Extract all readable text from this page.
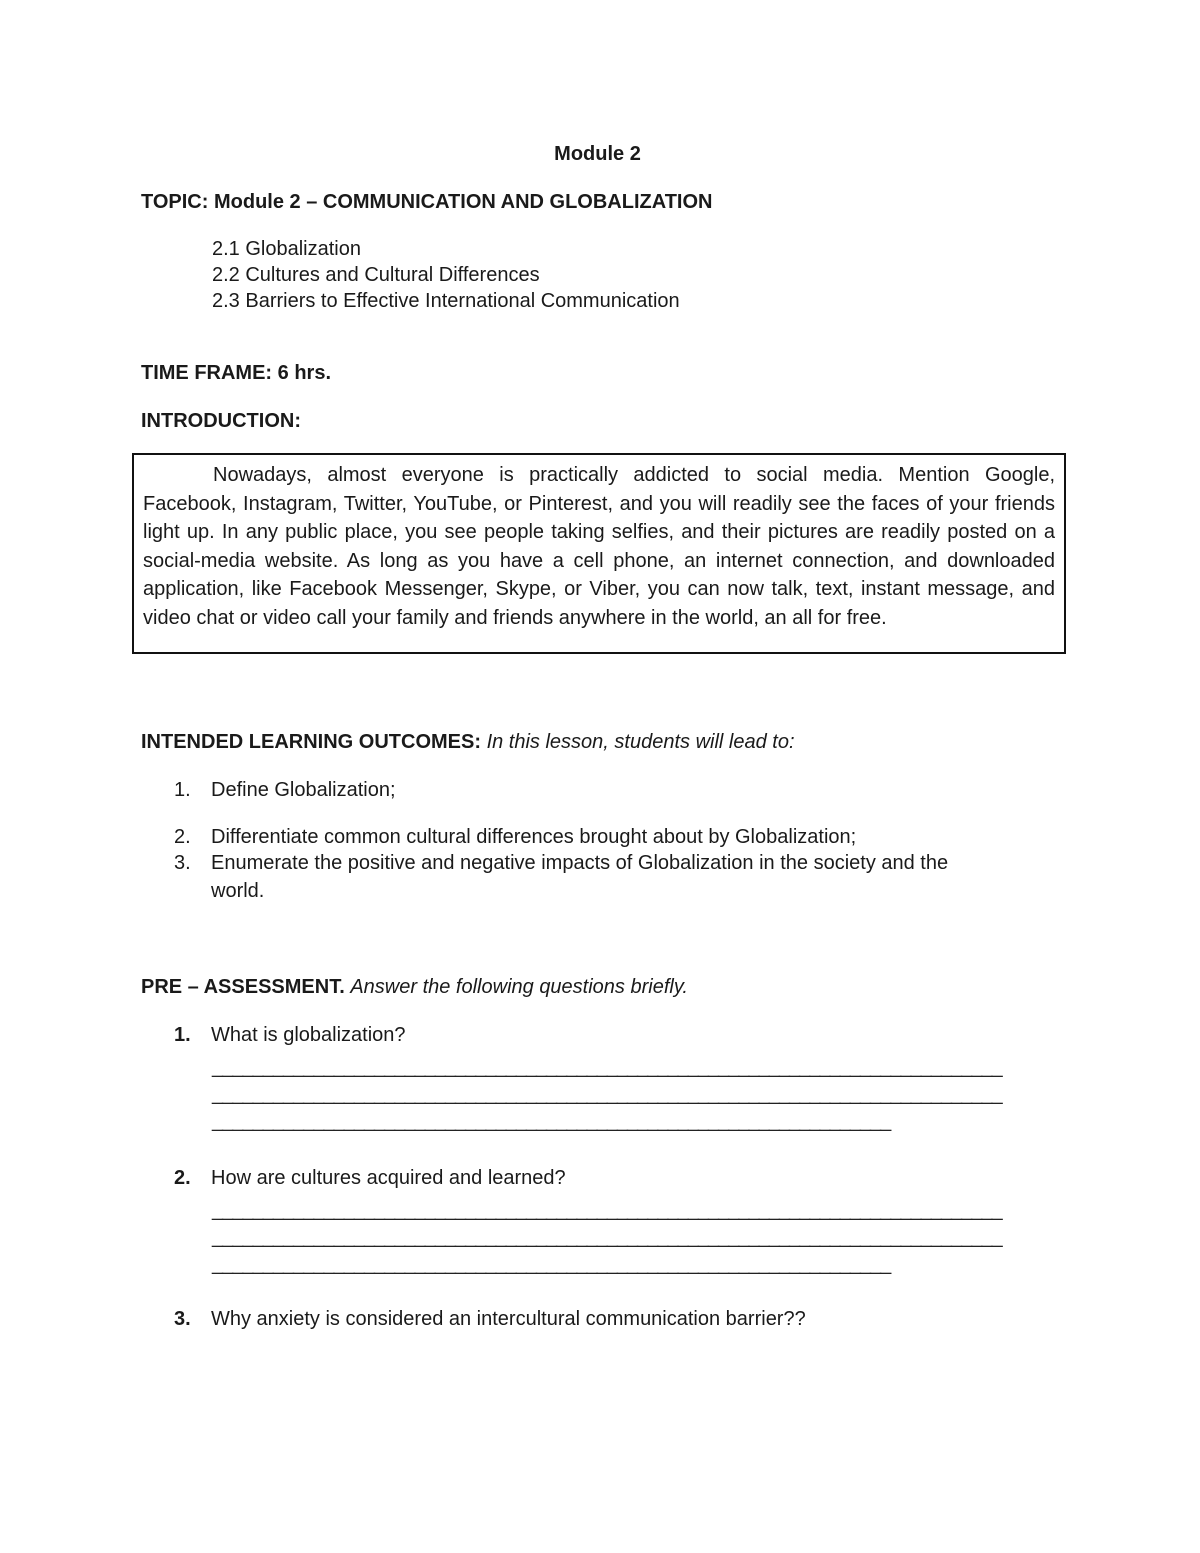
Module 2

TOPIC: Module 2 – COMMUNICATION AND GLOBALIZATION

2.1 Globalization

2.2 Cultures and Cultural Differences

2.3 Barriers to Effective International Communication

TIME FRAME: 6 hrs.

INTRODUCTION:

Nowadays, almost everyone is practically addicted to social media. Mention Google, Facebook, Instagram, Twitter, YouTube, or Pinterest, and you will readily see the faces of your friends light up. In any public place, you see people taking selfies, and their pictures are readily posted on a social-media website. As long as you have a cell phone, an internet connection, and downloaded application, like Facebook Messenger, Skype, or Viber, you can now talk, text, instant message, and video chat or video call your family and friends anywhere in the world, an all for free.

INTENDED LEARNING OUTCOMES: In this lesson, students will lead to:

1. Define Globalization;
2. Differentiate common cultural differences brought about by Globalization;
3. Enumerate the positive and negative impacts of Globalization in the society and the
world.

PRE – ASSESSMENT. Answer the following questions briefly.

1. What is globalization?
______________________________________________________________________________
______________________________________________________________________________
___________________________________________________________________
2. How are cultures acquired and learned?
______________________________________________________________________________
______________________________________________________________________________
___________________________________________________________________
3. Why anxiety is considered an intercultural communication barrier??
